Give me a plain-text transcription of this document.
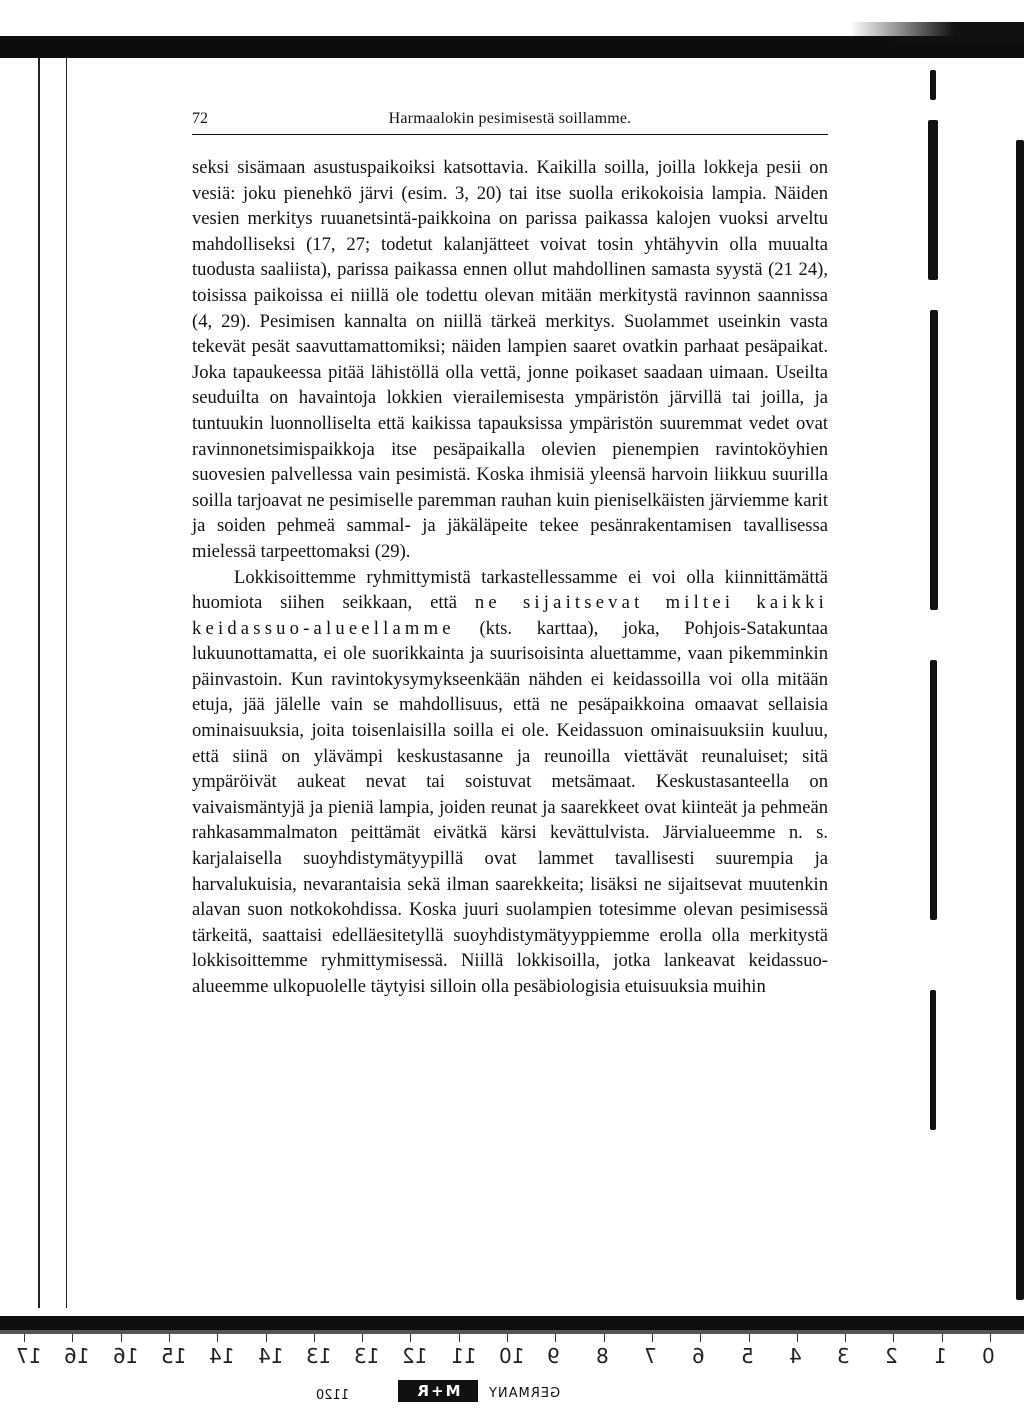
72	Harmaalokin pesimisestä soillamme.

seksi sisämaan asustuspaikoiksi katsottavia. Kaikilla soilla, joilla lokkeja pesii on vesiä: joku pienehkö järvi (esim. 3, 20) tai itse suolla erikokoisia lampia. Näiden vesien merkitys ruuanetsintä-paikkoina on parissa paikassa kalojen vuoksi arveltu mahdolliseksi (17, 27; todetut kalanjätteet voivat tosin yhtähyvin olla muualta tuodusta saaliista), parissa paikassa ennen ollut mahdollinen samasta syystä (21 24), toisissa paikoissa ei niillä ole todettu olevan mitään merkitystä ravinnon saannissa (4, 29). Pesimisen kannalta on niillä tärkeä merkitys. Suolammet useinkin vasta tekevät pesät saavuttamattomiksi; näiden lampien saaret ovatkin parhaat pesäpaikat. Joka tapaukeessa pitää lähistöllä olla vettä, jonne poikaset saadaan uimaan. Useilta seuduilta on havaintoja lokkien vierailemisesta ympäristön järvillä tai joilla, ja tuntuukin luonnolliselta että kaikissa tapauksissa ympäristön suuremmat vedet ovat ravinnonetsimispaikkoja itse pesäpaikalla olevien pienempien ravintoköyhien suovesien palvellessa vain pesimistä. Koska ihmisiä yleensä harvoin liikkuu suurilla soilla tarjoavat ne pesimiselle paremman rauhan kuin pieniselkäisten järviemme karit ja soiden pehmeä sammal- ja jäkäläpeite tekee pesänrakentamisen tavallisessa mielessä tarpeettomaksi (29).

Lokkisoittemme ryhmittymistä tarkastellessamme ei voi olla kiinnittämättä huomiota siihen seikkaan, että ne sijaitsevat miltei kaikki keidassuo-alueellamme (kts. karttaa), joka, Pohjois-Satakuntaa lukuunottamatta, ei ole suorikkainta ja suurisoisinta aluettamme, vaan pikemminkin päinvastoin. Kun ravintokysymykseenkään nähden ei keidassoilla voi olla mitään etuja, jää jälelle vain se mahdollisuus, että ne pesäpaikkoina omaavat sellaisia ominaisuuksia, joita toisenlaisilla soilla ei ole. Keidassuon ominaisuuksiin kuuluu, että siinä on ylävämpi keskustasanne ja reunoilla viettävät reunaluiset; sitä ympäröivät aukeat nevat tai soistuvat metsämaat. Keskustasanteella on vaivaismäntyjä ja pieniä lampia, joiden reunat ja saarekkeet ovat kiinteät ja pehmeän rahkasammalmaton peittämät eivätkä kärsi kevättulvista. Järvialueemme n. s. karjalaisella suoyhdistymätyypillä ovat lammet tavallisesti suurempia ja harvalukuisia, nevarantaisia sekä ilman saarekkeita; lisäksi ne sijaitsevat muutenkin alavan suon notkokohdissa. Koska juuri suolampien totesimme olevan pesimisessä tärkeitä, saattaisi edelläesitetyllä suoyhdistymätyyppiemme erolla olla merkitystä lokkisoittemme ryhmittymisessä. Niillä lokkisoilla, jotka lankeavat keidassuo-alueemme ulkopuolelle täytyisi silloin olla pesäbiologisia etuisuuksia muihin

17 16 16 15 14 14 13 13 12 11 10 9 8 7 6 5 4 3 2 1 0
1120	M+R	GERMANY
